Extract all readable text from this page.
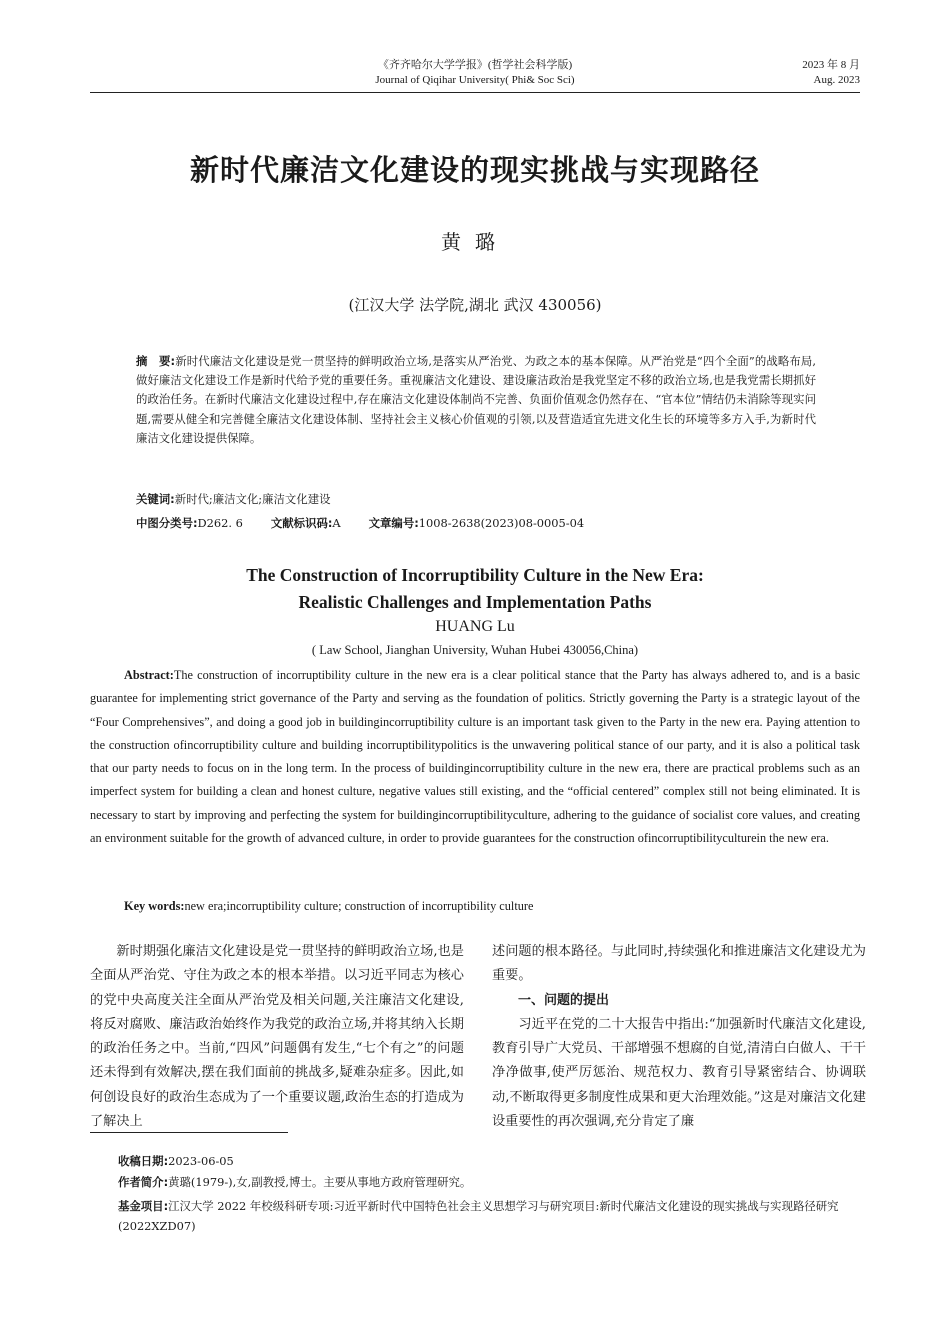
《齐齐哈尔大学学报》(哲学社会科学版)
Journal of Qiqihar University( Phi& Soc Sci)
2023 年 8 月
Aug. 2023
新时代廉洁文化建设的现实挑战与实现路径
黄璐
(江汉大学 法学院,湖北 武汉 430056)
摘　要:新时代廉洁文化建设是党一贯坚持的鲜明政治立场,是落实从严治党、为政之本的基本保障。从严治党是“四个全面”的战略布局,做好廉洁文化建设工作是新时代给予党的重要任务。重视廉洁文化建设、建设廉洁政治是我党坚定不移的政治立场,也是我党需长期抓好的政治任务。在新时代廉洁文化建设过程中,存在廉洁文化建设体制尚不完善、负面价值观念仍然存在、“官本位”情结仍未消除等现实问题,需要从健全和完善健全廉洁文化建设体制、坚持社会主义核心价值观的引领,以及营造适宜先进文化生长的环境等多方入手,为新时代廉洁文化建设提供保障。
关键词:新时代;廉洁文化;廉洁文化建设
中图分类号:D262. 6 文献标识码:A 文章编号:1008-2638(2023)08-0005-04
The Construction of Incorruptibility Culture in the New Era:
Realistic Challenges and Implementation Paths
HUANG Lu
( Law School, Jianghan University, Wuhan Hubei 430056,China)
Abstract:The construction of incorruptibility culture in the new era is a clear political stance that the Party has always adhered to, and is a basic guarantee for implementing strict governance of the Party and serving as the foundation of politics. Strictly governing the Party is a strategic layout of the “Four Comprehensives”, and doing a good job in buildingincorruptibility culture is an important task given to the Party in the new era. Paying attention to the construction ofincorruptibility culture and building incorruptibilitypolitics is the unwavering political stance of our party, and it is also a political task that our party needs to focus on in the long term. In the process of buildingincorruptibility culture in the new era, there are practical problems such as an imperfect system for building a clean and honest culture, negative values still existing, and the “official centered” complex still not being eliminated. It is necessary to start by improving and perfecting the system for buildingincorruptibilityculture, adhering to the guidance of socialist core values, and creating an environment suitable for the growth of advanced culture, in order to provide guarantees for the construction ofincorruptibilityculturein the new era.
Key words:new era;incorruptibility culture; construction of incorruptibility culture

新时期强化廉洁文化建设是党一贯坚持的鲜明政治立场,也是全面从严治党、守住为政之本的根本举措。以习近平同志为核心的党中央高度关注全面从严治党及相关问题,关注廉洁文化建设,将反对腐败、廉洁政治始终作为我党的政治立场,并将其纳入长期的政治任务之中。当前,“四风”问题偶有发生,“七个有之”的问题还未得到有效解决,摆在我们面前的挑战多,疑难杂症多。因此,如何创设良好的政治生态成为了一个重要议题,政治生态的打造成为了解决上

述问题的根本路径。与此同时,持续强化和推进廉洁文化建设尤为重要。

一、问题的提出

习近平在党的二十大报告中指出:“加强新时代廉洁文化建设,教育引导广大党员、干部增强不想腐的自觉,清清白白做人、干干净净做事,使严厉惩治、规范权力、教育引导紧密结合、协调联动,不断取得更多制度性成果和更大治理效能。”这是对廉洁文化建设重要性的再次强调,充分肯定了廉

收稿日期:2023-06-05
作者简介:黄璐(1979-),女,副教授,博士。主要从事地方政府管理研究。
基金项目:江汉大学 2022 年校级科研专项:习近平新时代中国特色社会主义思想学习与研究项目:新时代廉洁文化建设的现实挑战与实现路径研究(2022XZD07)
